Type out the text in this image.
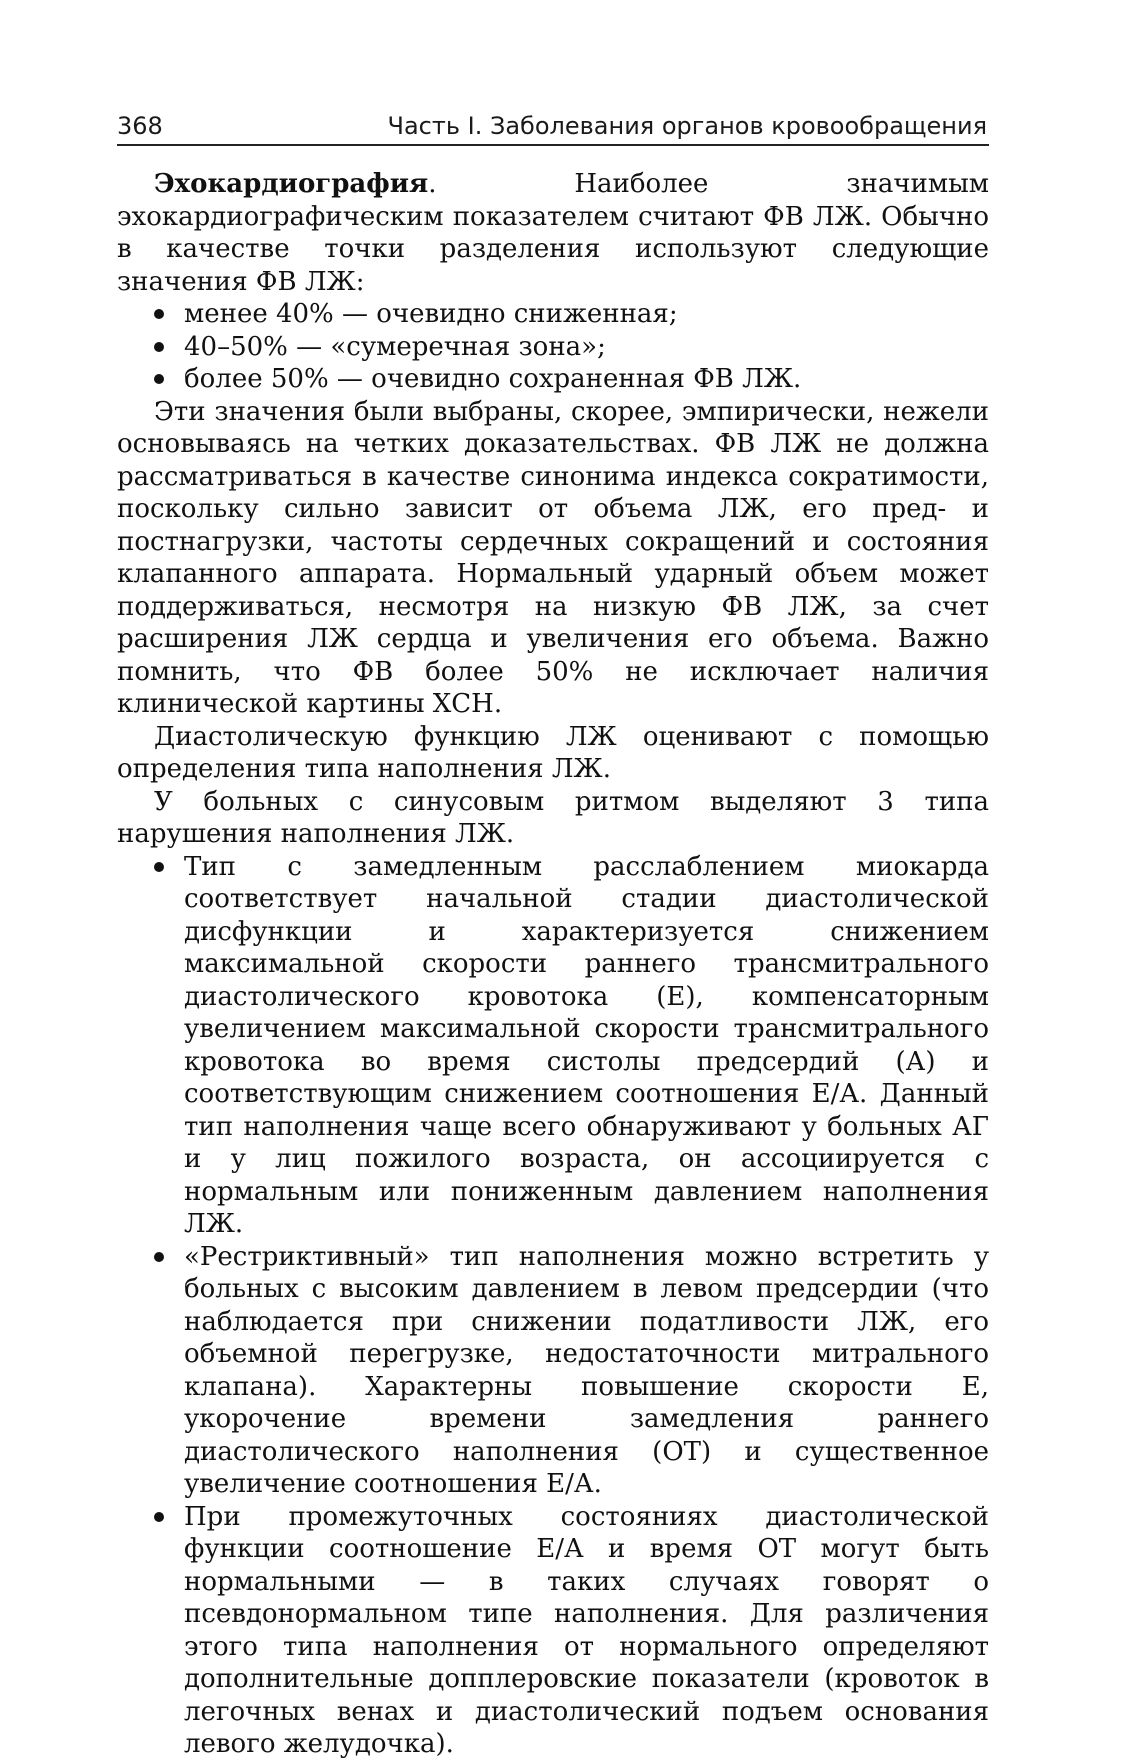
368	Часть I. Заболевания органов кровообращения

Эхокардиография. Наиболее значимым эхокардиографическим показателем считают ФВ ЛЖ. Обычно в качестве точки разделения используют следующие значения ФВ ЛЖ:

менее 40% — очевидно сниженная;
40–50% — «сумеречная зона»;
более 50% — очевидно сохраненная ФВ ЛЖ.

Эти значения были выбраны, скорее, эмпирически, нежели основываясь на четких доказательствах. ФВ ЛЖ не должна рассматриваться в качестве синонима индекса сократимости, поскольку сильно зависит от объема ЛЖ, его пред- и постнагрузки, частоты сердечных сокращений и состояния клапанного аппарата. Нормальный ударный объем может поддерживаться, несмотря на низкую ФВ ЛЖ, за счет расширения ЛЖ сердца и увеличения его объема. Важно помнить, что ФВ более 50% не исключает наличия клинической картины ХСН.

Диастолическую функцию ЛЖ оценивают с помощью определения типа наполнения ЛЖ.

У больных с синусовым ритмом выделяют 3 типа нарушения наполнения ЛЖ.

Тип с замедленным расслаблением миокарда соответствует начальной стадии диастолической дисфункции и характеризуется снижением максимальной скорости раннего трансмитрального диастолического кровотока (Е), компенсаторным увеличением максимальной скорости трансмитрального кровотока во время систолы предсердий (А) и соответствующим снижением соотношения Е/А. Данный тип наполнения чаще всего обнаруживают у больных АГ и у лиц пожилого возраста, он ассоциируется с нормальным или пониженным давлением наполнения ЛЖ.
«Рестриктивный» тип наполнения можно встретить у больных с высоким давлением в левом предсердии (что наблюдается при снижении податливости ЛЖ, его объемной перегрузке, недостаточности митрального клапана). Характерны повышение скорости Е, укорочение времени замедления раннего диастолического наполнения (ОТ) и существенное увеличение соотношения Е/А.
При промежуточных состояниях диастолической функции соотношение Е/А и время ОТ могут быть нормальными — в таких случаях говорят о псевдонормальном типе наполнения. Для различения этого типа наполнения от нормального определяют дополнительные допплеровские показатели (кровоток в легочных венах и диастолический подъем основания левого желудочка).
